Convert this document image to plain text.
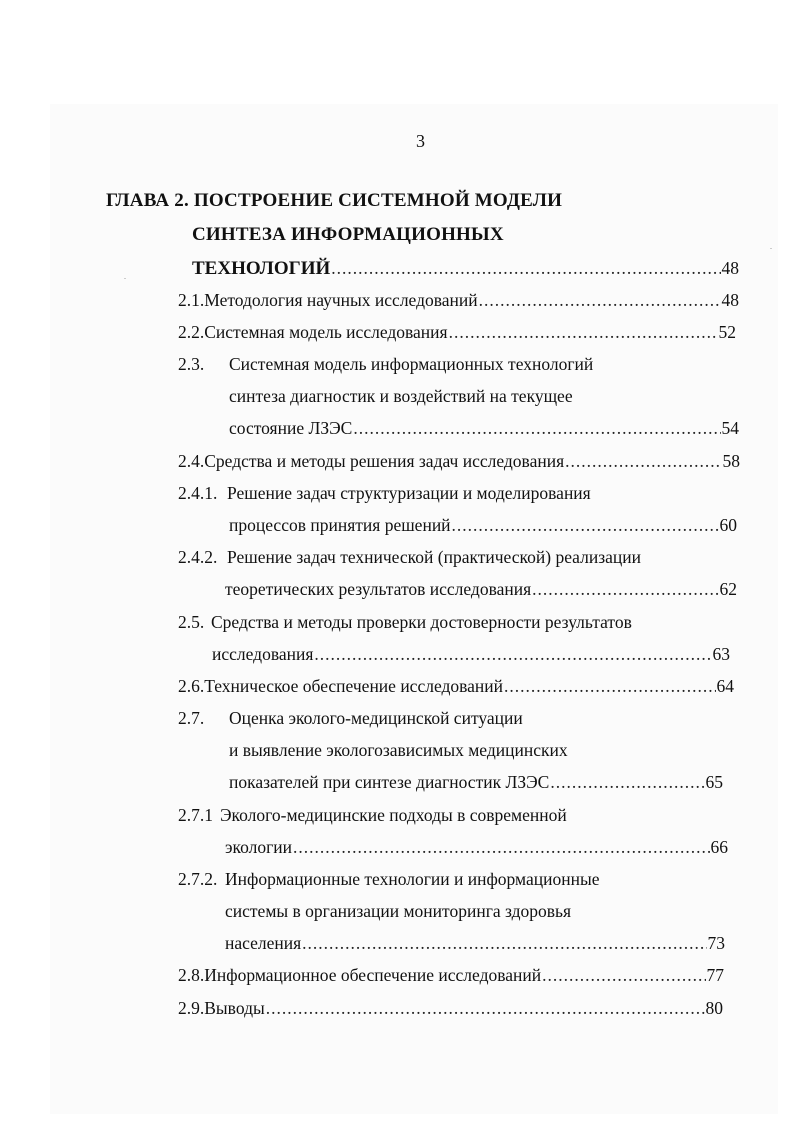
3
ГЛАВА 2. ПОСТРОЕНИЕ СИСТЕМНОЙ МОДЕЛИ
СИНТЕЗА ИНФОРМАЦИОННЫХ
ТЕХНОЛОГИЙ .....	48
2.1. Методология научных исследований .....	48
2.2. Системная модель исследования .....	52
2.3.	Системная модель информационных технологий
синтеза диагностик и воздействий на текущее
состояние ЛЗЭС .....	54
2.4. Средства и методы решения задач исследования .....	58
2.4.1. Решение задач структуризации и моделирования
процессов принятия решений .....	60
2.4.2. Решение задач технической (практической) реализации
теоретических результатов исследования .....	62
2.5. Средства и методы проверки достоверности результатов
исследования .....	63
2.6. Техническое обеспечение исследований .....	64
2.7.	Оценка эколого-медицинской ситуации
и выявление экологозависимых медицинских
показателей при синтезе диагностик ЛЗЭС .....	65
2.7.1 Эколого-медицинские подходы в современной
экологии .....	66
2.7.2. Информационные технологии и информационные
системы в организации мониторинга здоровья
населения .....	73
2.8. Информационное обеспечение исследований .....	77
2.9. Выводы .....	80
